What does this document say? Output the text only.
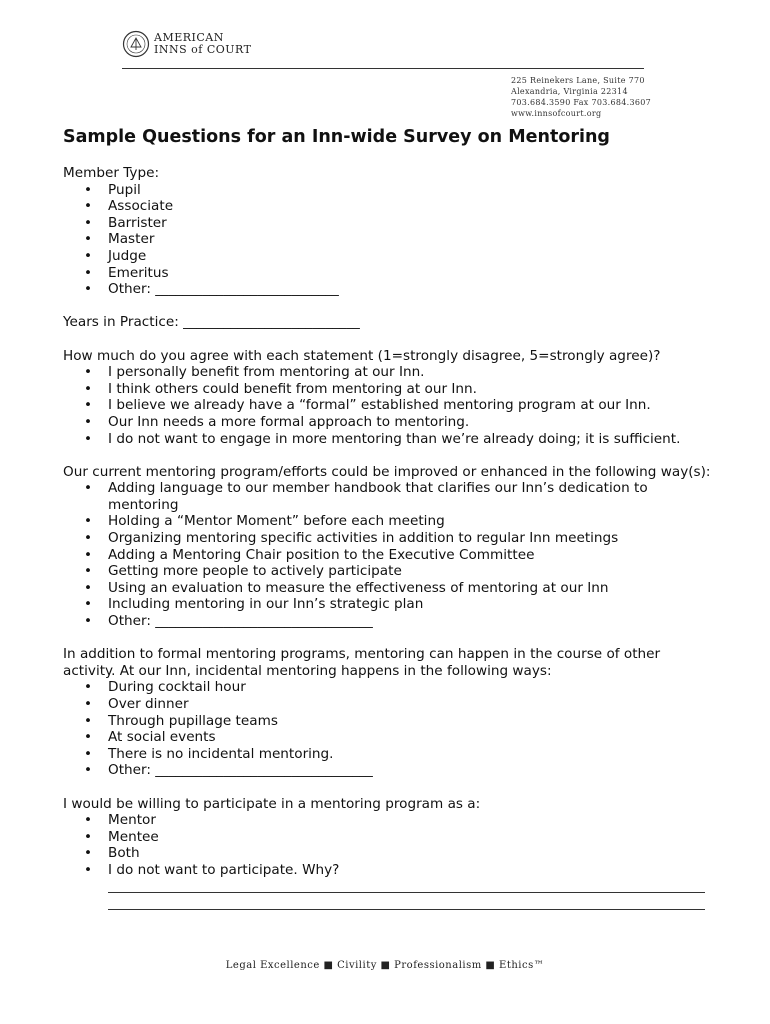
AMERICAN
INNS of COURT
225 Reinekers Lane, Suite 770
Alexandria, Virginia 22314
703.684.3590 Fax 703.684.3607
www.innsofcourt.org
Sample Questions for an Inn-wide Survey on Mentoring

Member Type:

• Pupil
• Associate
• Barrister
• Master
• Judge
• Emeritus
• Other: ___________________________

Years in Practice: __________________________

How much do you agree with each statement (1=strongly disagree, 5=strongly agree)?

• I personally benefit from mentoring at our Inn.
• I think others could benefit from mentoring at our Inn.
• I believe we already have a “formal” established mentoring program at our Inn.
• Our Inn needs a more formal approach to mentoring.
• I do not want to engage in more mentoring than we’re already doing; it is sufficient.

Our current mentoring program/efforts could be improved or enhanced in the following way(s):

• Adding language to our member handbook that clarifies our Inn’s dedication to mentoring
• Holding a “Mentor Moment” before each meeting
• Organizing mentoring specific activities in addition to regular Inn meetings
• Adding a Mentoring Chair position to the Executive Committee
• Getting more people to actively participate
• Using an evaluation to measure the effectiveness of mentoring at our Inn
• Including mentoring in our Inn’s strategic plan
• Other: ________________________________

In addition to formal mentoring programs, mentoring can happen in the course of other activity. At our Inn, incidental mentoring happens in the following ways:

• During cocktail hour
• Over dinner
• Through pupillage teams
• At social events
• There is no incidental mentoring.
• Other: ________________________________

I would be willing to participate in a mentoring program as a:

• Mentor
• Mentee
• Both
• I do not want to participate. Why?
Legal Excellence ■ Civility ■ Professionalism ■ Ethics™
